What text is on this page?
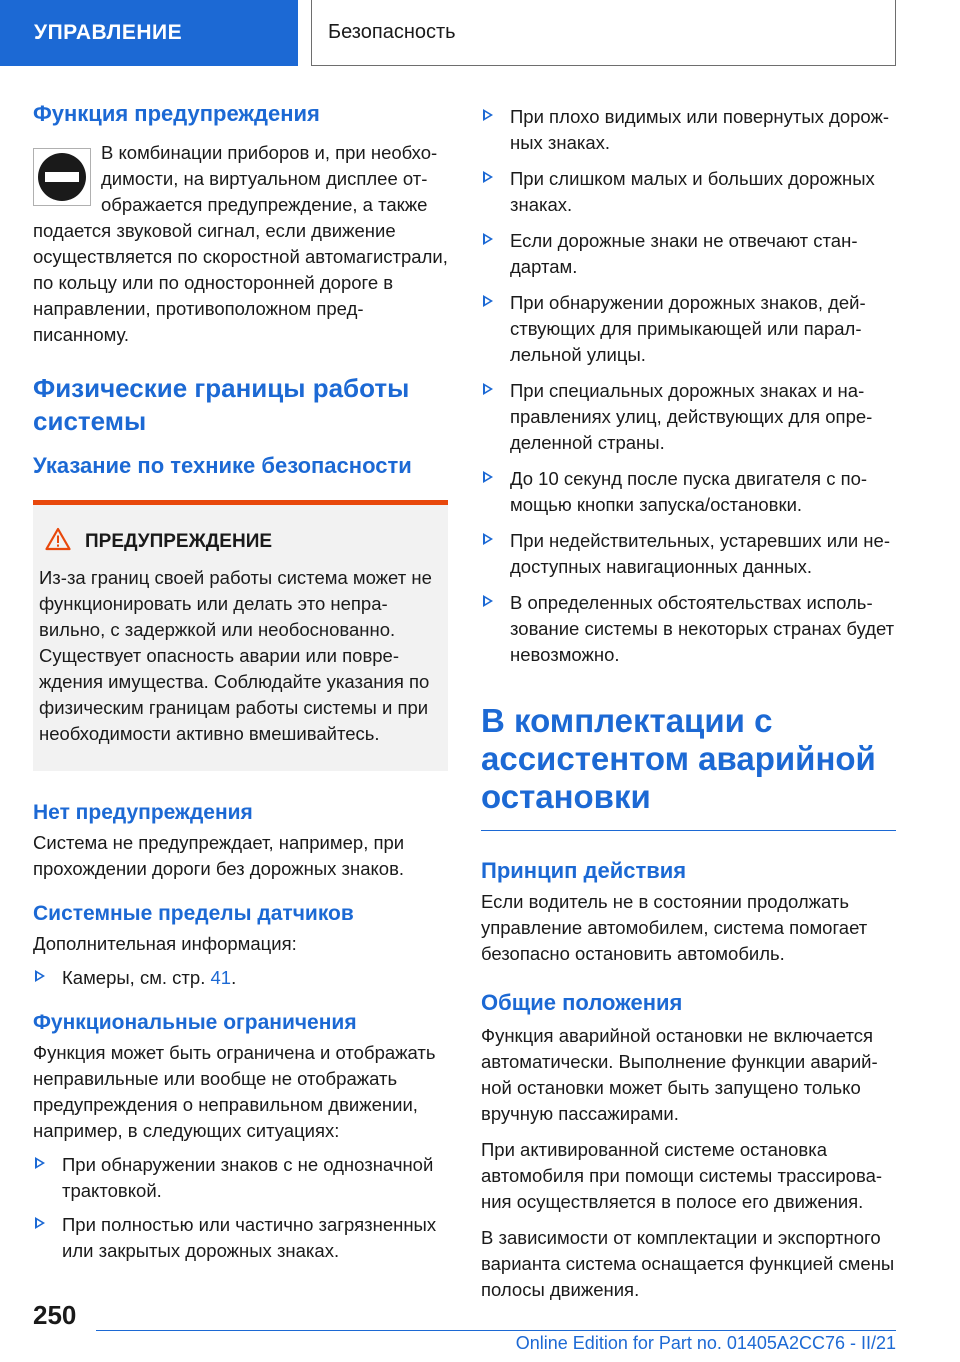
УПРАВЛЕНИЕ	Безопасность
Функция предупреждения

В комбинации приборов и, при необходимости, на виртуальном дисплее отображается предупреждение, а также подается звуковой сигнал, если движение осуществляется по скоростной автомагистрали, по кольцу или по односторонней дороге в направлении, противоположном предписанному.

Физические границы работы системы
Указание по технике безопасности
ПРЕДУПРЕЖДЕНИЕ

Из-за границ своей работы система может не функционировать или делать это неправильно, с задержкой или необоснованно. Существует опасность аварии или повреждения имущества. Соблюдайте указания по физическим границам работы системы и при необходимости активно вмешивайтесь.

Нет предупреждения

Система не предупреждает, например, при прохождении дороги без дорожных знаков.

Системные пределы датчиков

Дополнительная информация:

Камеры, см. стр. 41.
Функциональные ограничения

Функция может быть ограничена и отображать неправильные или вообще не отображать предупреждения о неправильном движении, например, в следующих ситуациях:

При обнаружении знаков с не однозначной трактовкой.
При полностью или частично загрязненных или закрытых дорожных знаках.
При плохо видимых или повернутых дорожных знаках.
При слишком малых и больших дорожных знаках.
Если дорожные знаки не отвечают стандартам.
При обнаружении дорожных знаков, действующих для примыкающей или параллельной улицы.
При специальных дорожных знаках и направлениях улиц, действующих для определенной страны.
До 10 секунд после пуска двигателя с помощью кнопки запуска/остановки.
При недействительных, устаревших или недоступных навигационных данных.
В определенных обстоятельствах использование системы в некоторых странах будет невозможно.
В комплектации с ассистентом аварийной остановки
Принцип действия

Если водитель не в состоянии продолжать управление автомобилем, система помогает безопасно остановить автомобиль.

Общие положения

Функция аварийной остановки не включается автоматически. Выполнение функции аварийной остановки может быть запущено только вручную пассажирами.

При активированной системе остановка автомобиля при помощи системы трассирования осуществляется в полосе его движения.

В зависимости от комплектации и экспортного варианта система оснащается функцией смены полосы движения.

250
Online Edition for Part no. 01405A2CC76 - II/21
